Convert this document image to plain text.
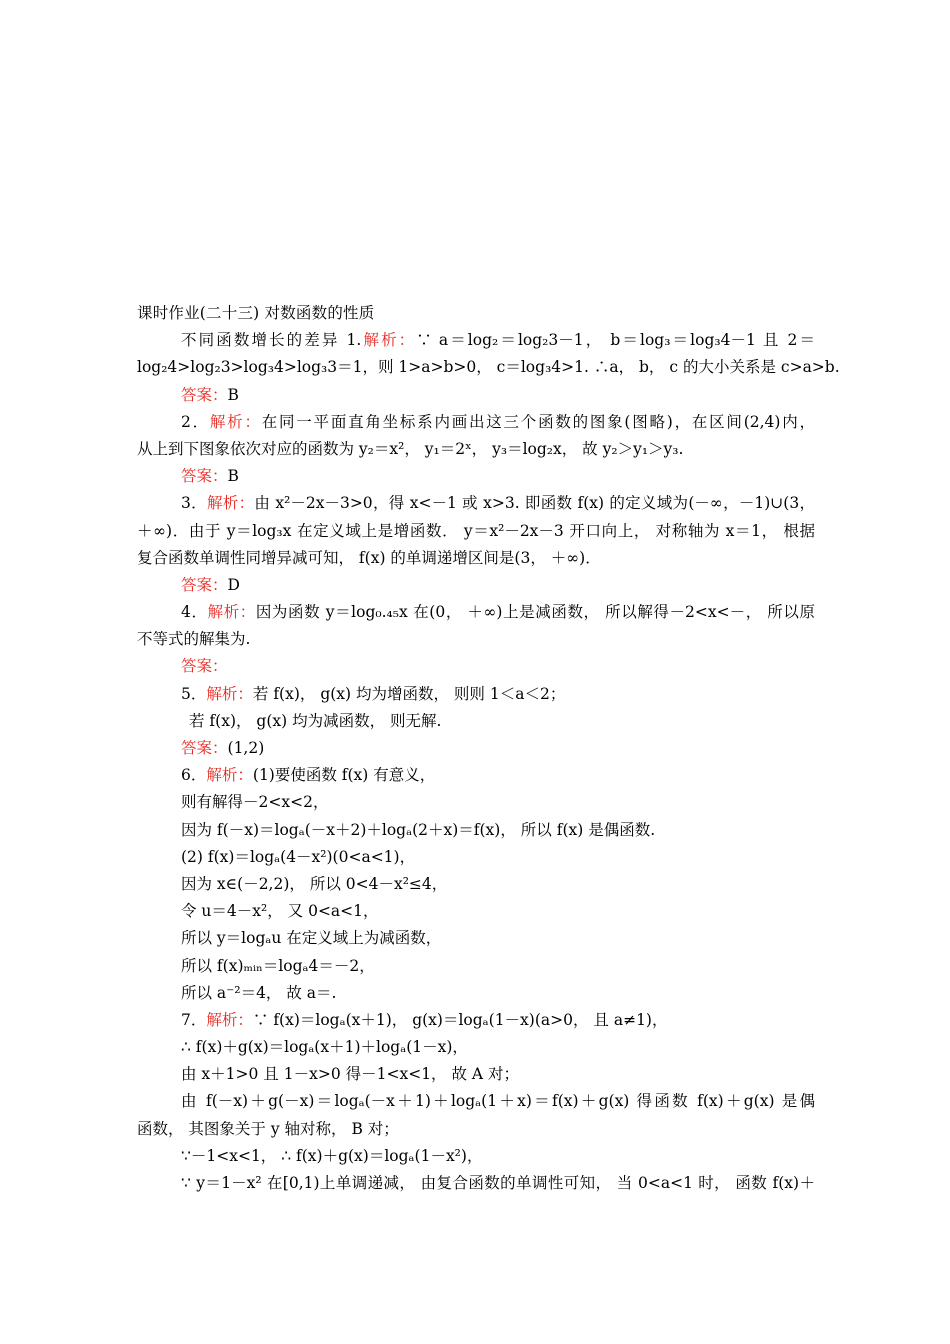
课时作业(二十三) 对数函数的性质
不同函数增长的差异 1.解析：∵ a＝log₂＝log₂3－1， b＝log₃＝log₃4－1 且 2＝
log₂4>log₂3>log₃4>log₃3＝1，则 1>a>b>0， c＝log₃4>1. ∴a， b， c 的大小关系是 c>a>b.
答案：B
2．解析：在同一平面直角坐标系内画出这三个函数的图象(图略)，在区间(2,4)内，
从上到下图象依次对应的函数为 y₂＝x²， y₁＝2ˣ， y₃＝log₂x， 故 y₂＞y₁＞y₃.
答案：B
3．解析：由 x²－2x－3>0，得 x<－1 或 x>3. 即函数 f(x) 的定义域为(－∞，－1)∪(3，
＋∞)．由于 y＝log₃x 在定义域上是增函数． y＝x²－2x－3 开口向上， 对称轴为 x＝1， 根据
复合函数单调性同增异减可知， f(x) 的单调递增区间是(3， ＋∞)．
答案：D
4．解析：因为函数 y＝log₀.₄₅x 在(0， ＋∞)上是减函数， 所以解得－2<x<－， 所以原
不等式的解集为.
答案：
5．解析：若 f(x)， g(x) 均为增函数， 则则 1＜a＜2；
若 f(x)， g(x) 均为减函数， 则无解.
答案：(1,2)
6．解析：(1)要使函数 f(x) 有意义，
则有解得－2<x<2，
因为 f(－x)＝logₐ(－x＋2)＋logₐ(2＋x)＝f(x)， 所以 f(x) 是偶函数.
(2) f(x)＝logₐ(4－x²)(0<a<1)，
因为 x∈(－2,2)， 所以 0<4－x²≤4，
令 u＝4－x²， 又 0<a<1，
所以 y＝logₐu 在定义域上为减函数，
所以 f(x)ₘᵢₙ＝logₐ4＝－2，
所以 a⁻²＝4， 故 a＝.
7．解析：∵ f(x)＝logₐ(x＋1)， g(x)＝logₐ(1－x)(a>0， 且 a≠1)，
∴ f(x)＋g(x)＝logₐ(x＋1)＋logₐ(1－x)，
由 x＋1>0 且 1－x>0 得－1<x<1， 故 A 对；
由 f(－x)＋g(－x)＝logₐ(－x＋1)＋logₐ(1＋x)＝f(x)＋g(x) 得函数 f(x)＋g(x) 是偶
函数， 其图象关于 y 轴对称， B 对；
∵－1<x<1， ∴ f(x)＋g(x)＝logₐ(1－x²)，
∵ y＝1－x² 在[0,1)上单调递减， 由复合函数的单调性可知， 当 0<a<1 时， 函数 f(x)＋
